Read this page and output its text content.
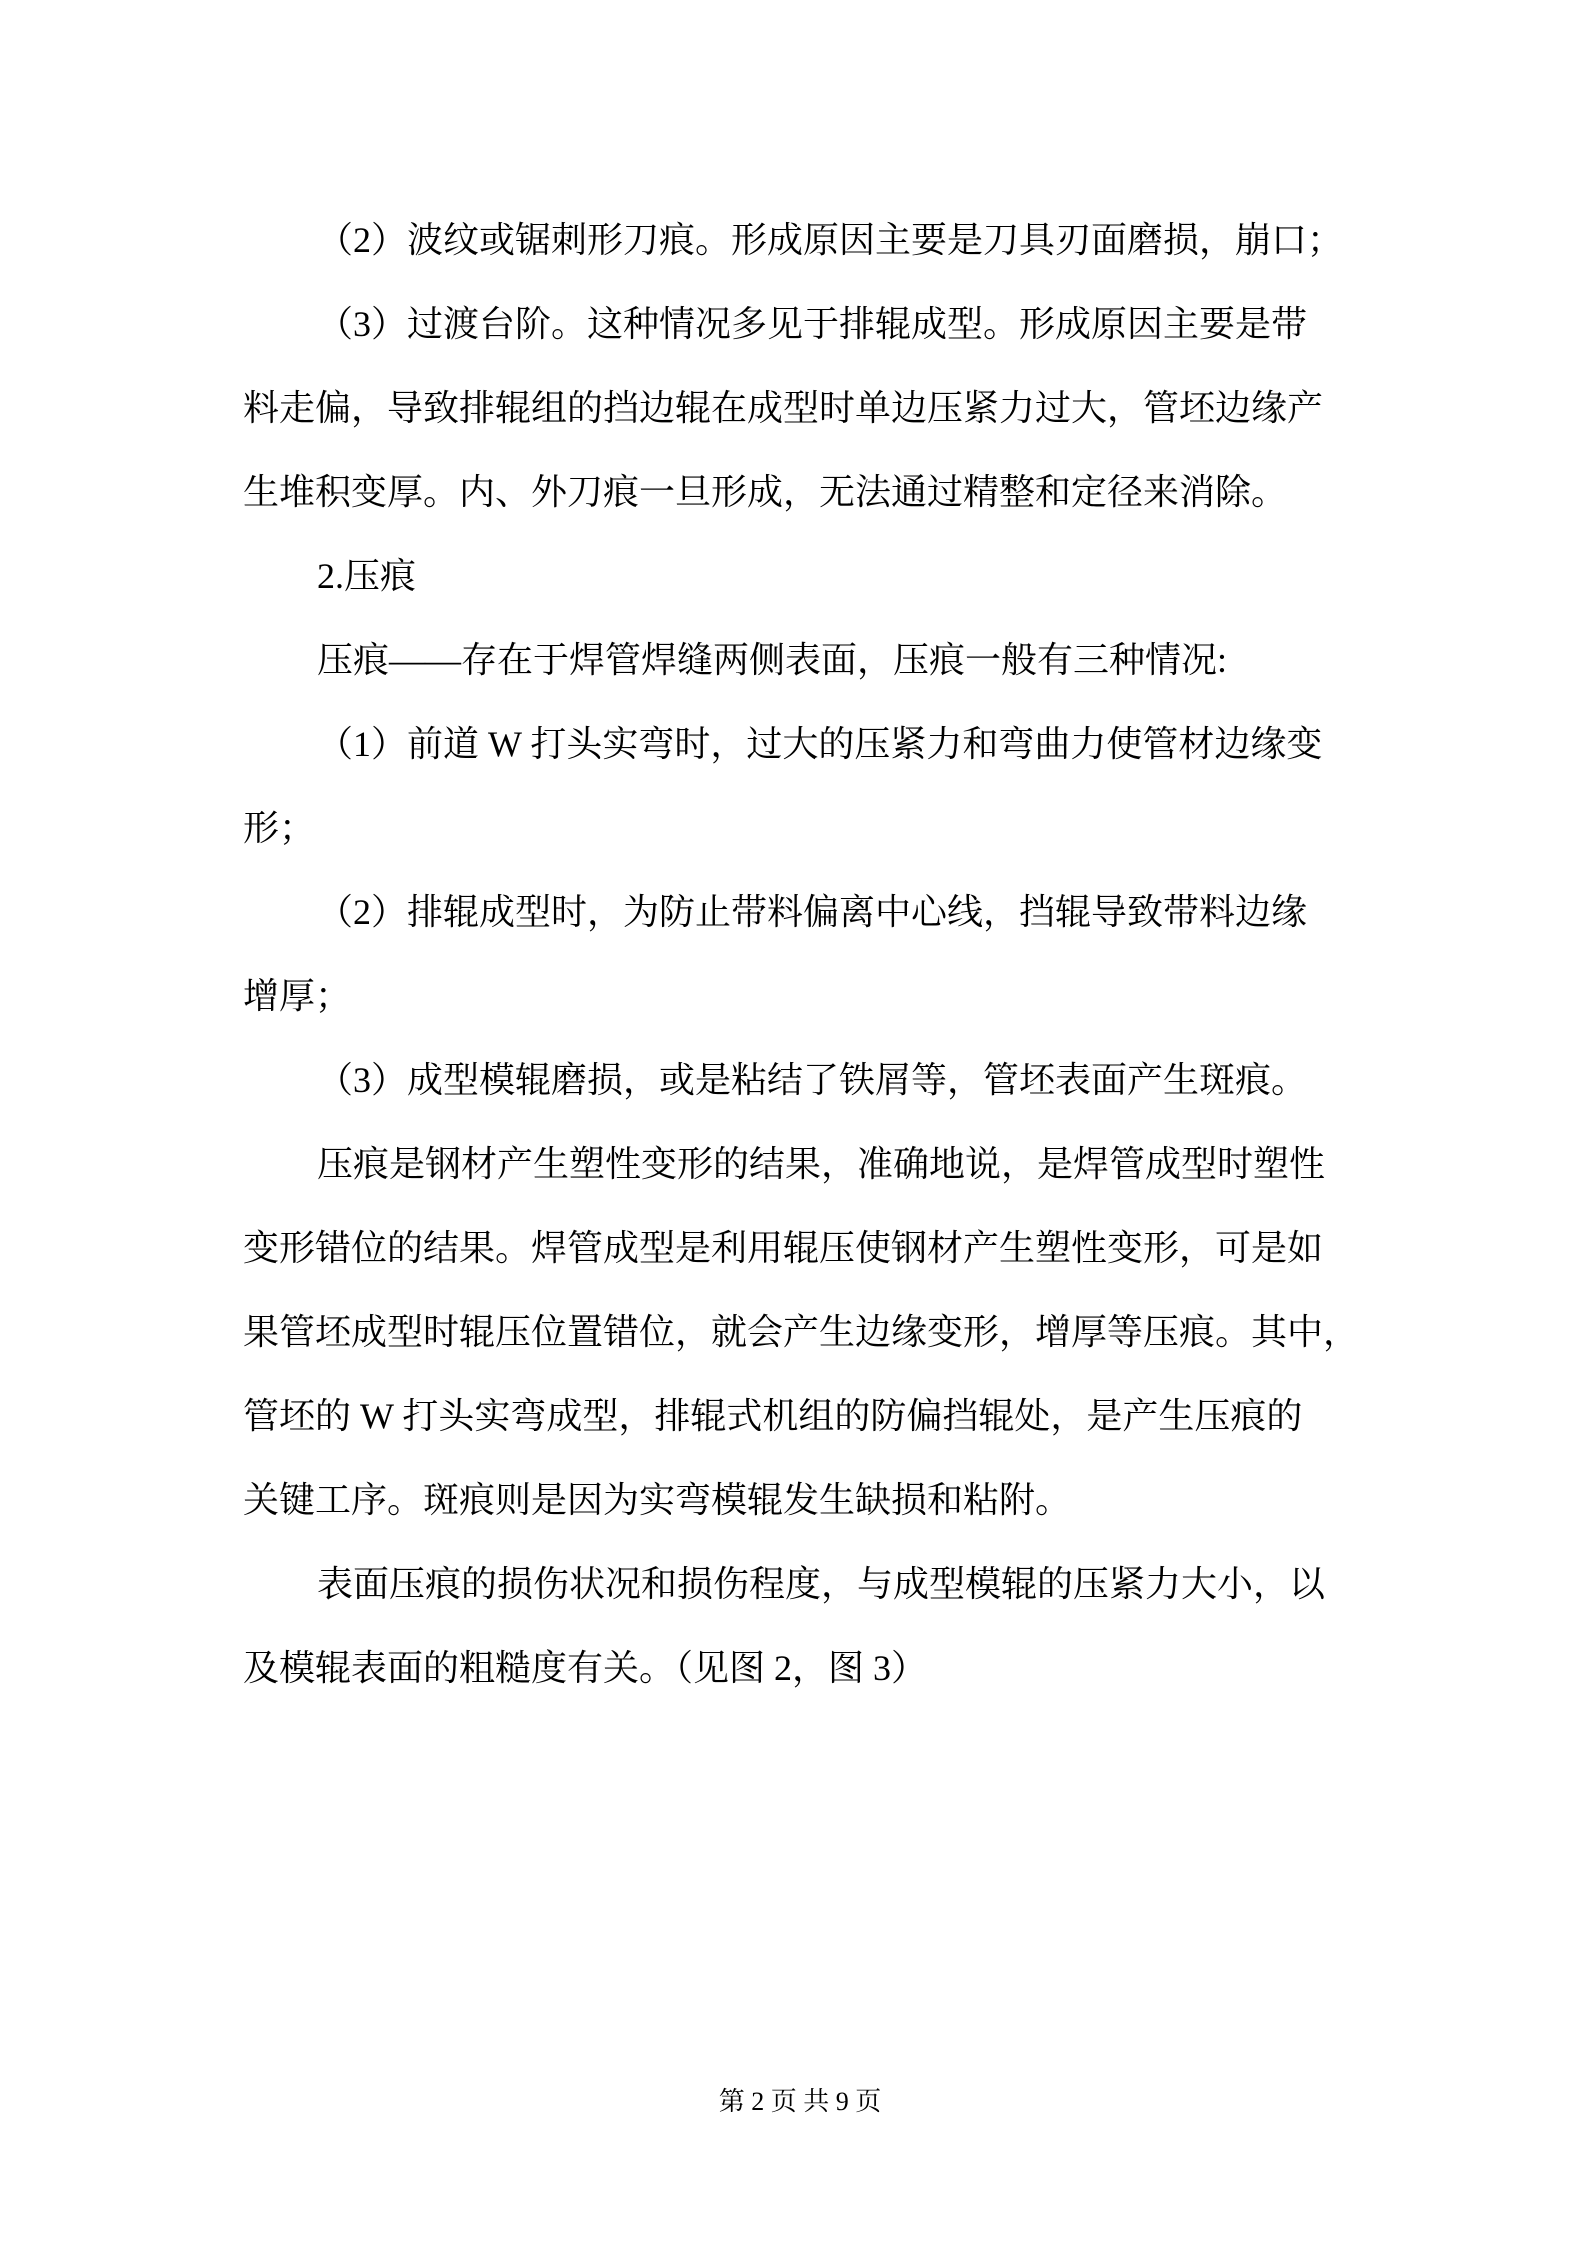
（2）波纹或锯刺形刀痕。形成原因主要是刀具刃面磨损，崩口；
（3）过渡台阶。这种情况多见于排辊成型。形成原因主要是带
料走偏，导致排辊组的挡边辊在成型时单边压紧力过大，管坯边缘产
生堆积变厚。内、外刀痕一旦形成，无法通过精整和定径来消除。
2.压痕
压痕——存在于焊管焊缝两侧表面，压痕一般有三种情况:
（1）前道 W 打头实弯时，过大的压紧力和弯曲力使管材边缘变
形；
（2）排辊成型时，为防止带料偏离中心线，挡辊导致带料边缘
增厚；
（3）成型模辊磨损，或是粘结了铁屑等，管坯表面产生斑痕。
压痕是钢材产生塑性变形的结果，准确地说，是焊管成型时塑性
变形错位的结果。焊管成型是利用辊压使钢材产生塑性变形，可是如
果管坯成型时辊压位置错位，就会产生边缘变形，增厚等压痕。其中，
管坯的 W 打头实弯成型，排辊式机组的防偏挡辊处，是产生压痕的
关键工序。斑痕则是因为实弯模辊发生缺损和粘附。
表面压痕的损伤状况和损伤程度，与成型模辊的压紧力大小，以
及模辊表面的粗糙度有关。（见图 2，图 3）
第 2 页 共 9 页
